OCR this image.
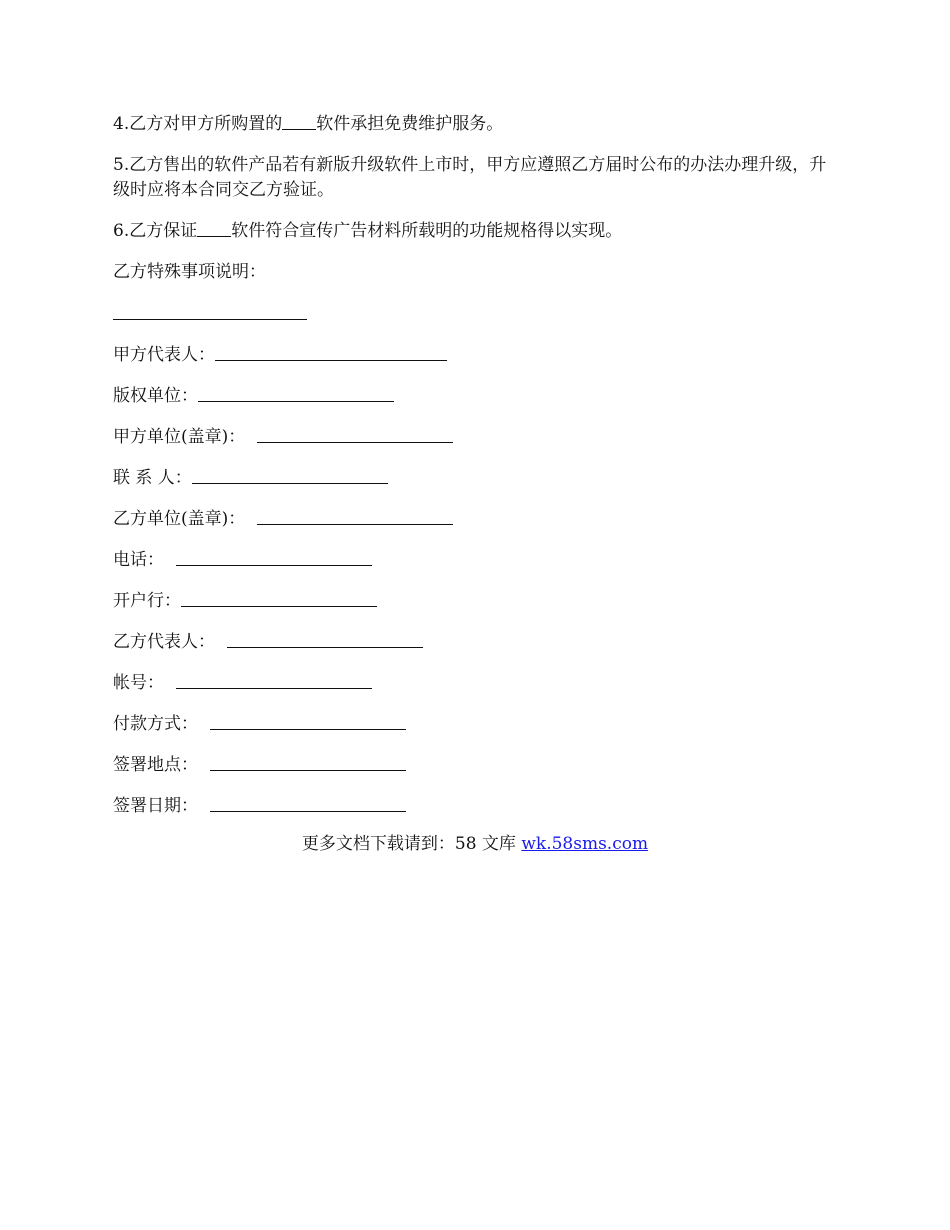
4.乙方对甲方所购置的 软件承担免费维护服务。

5.乙方售出的软件产品若有新版升级软件上市时，甲方应遵照乙方届时公布的办法办理升级，升级时应将本合同交乙方验证。

6.乙方保证 软件符合宣传广告材料所载明的功能规格得以实现。

乙方特殊事项说明：

甲方代表人：
版权单位：
甲方单位(盖章)：
联 系 人：
乙方单位(盖章)：
电话：
开户行：
乙方代表人：
帐号：
付款方式：
签署地点：
签署日期：
更多文档下载请到：58 文库 wk.58sms.com
